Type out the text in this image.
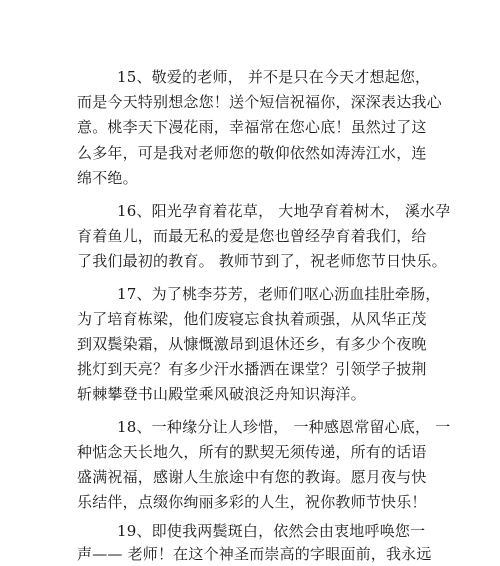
15、敬爱的老师， 并不是只在今天才想起您，
而是今天特别想念您！送个短信祝福你，深深表达我心
意。桃李天下漫花雨，幸福常在您心底！虽然过了这
么多年，可是我对老师您的敬仰依然如涛涛江水，连
绵不绝。
16、阳光孕育着花草， 大地孕育着树木， 溪水孕
育着鱼儿，而最无私的爱是您也曾经孕育着我们，给
了我们最初的教育。 教师节到了，祝老师您节日快乐。
17、为了桃李芬芳，老师们呕心沥血挂肚牵肠，
为了培育栋梁，他们废寝忘食执着顽强，从风华正茂
到双鬓染霜，从慷慨激昂到退休还乡，有多少个夜晚
挑灯到天亮？有多少汗水播洒在课堂？引领学子披荆
斩棘攀登书山殿堂乘风破浪泛舟知识海洋。
18、一种缘分让人珍惜， 一种感恩常留心底， 一
种惦念天长地久，所有的默契无须传递，所有的话语
盛满祝福，感谢人生旅途中有您的教诲。愿月夜与快
乐结伴，点缀你绚丽多彩的人生，祝你教师节快乐！
19、即使我两鬓斑白，依然会由衷地呼唤您一
声—— 老师！在这个神圣而崇高的字眼面前，我永远
